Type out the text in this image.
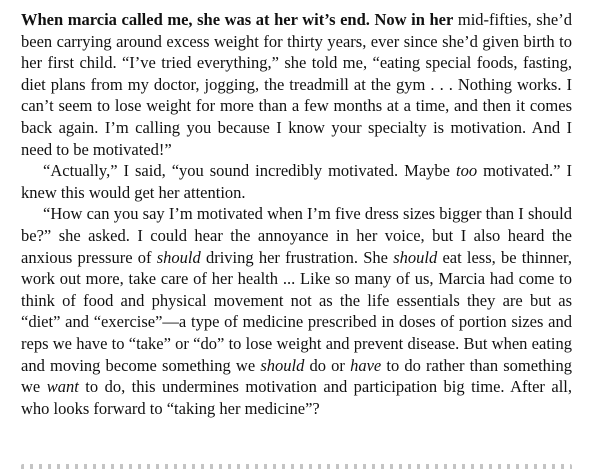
When marcia called me, she was at her wit’s end. Now in her mid-fifties, she’d been carrying around excess weight for thirty years, ever since she’d given birth to her first child. “I’ve tried everything,” she told me, “eating special foods, fasting, diet plans from my doctor, jogging, the treadmill at the gym . . . Nothing works. I can’t seem to lose weight for more than a few months at a time, and then it comes back again. I’m calling you because I know your specialty is motivation. And I need to be motivated!”

“Actually,” I said, “you sound incredibly motivated. Maybe too motivated.” I knew this would get her attention.

“How can you say I’m motivated when I’m five dress sizes bigger than I should be?” she asked. I could hear the annoyance in her voice, but I also heard the anxious pressure of should driving her frustration. She should eat less, be thinner, work out more, take care of her health ... Like so many of us, Marcia had come to think of food and physical movement not as the life essentials they are but as “diet” and “exercise”—a type of medicine prescribed in doses of portion sizes and reps we have to “take” or “do” to lose weight and prevent disease. But when eating and moving become something we should do or have to do rather than something we want to do, this undermines motivation and participation big time. After all, who looks forward to “taking her medicine”?
